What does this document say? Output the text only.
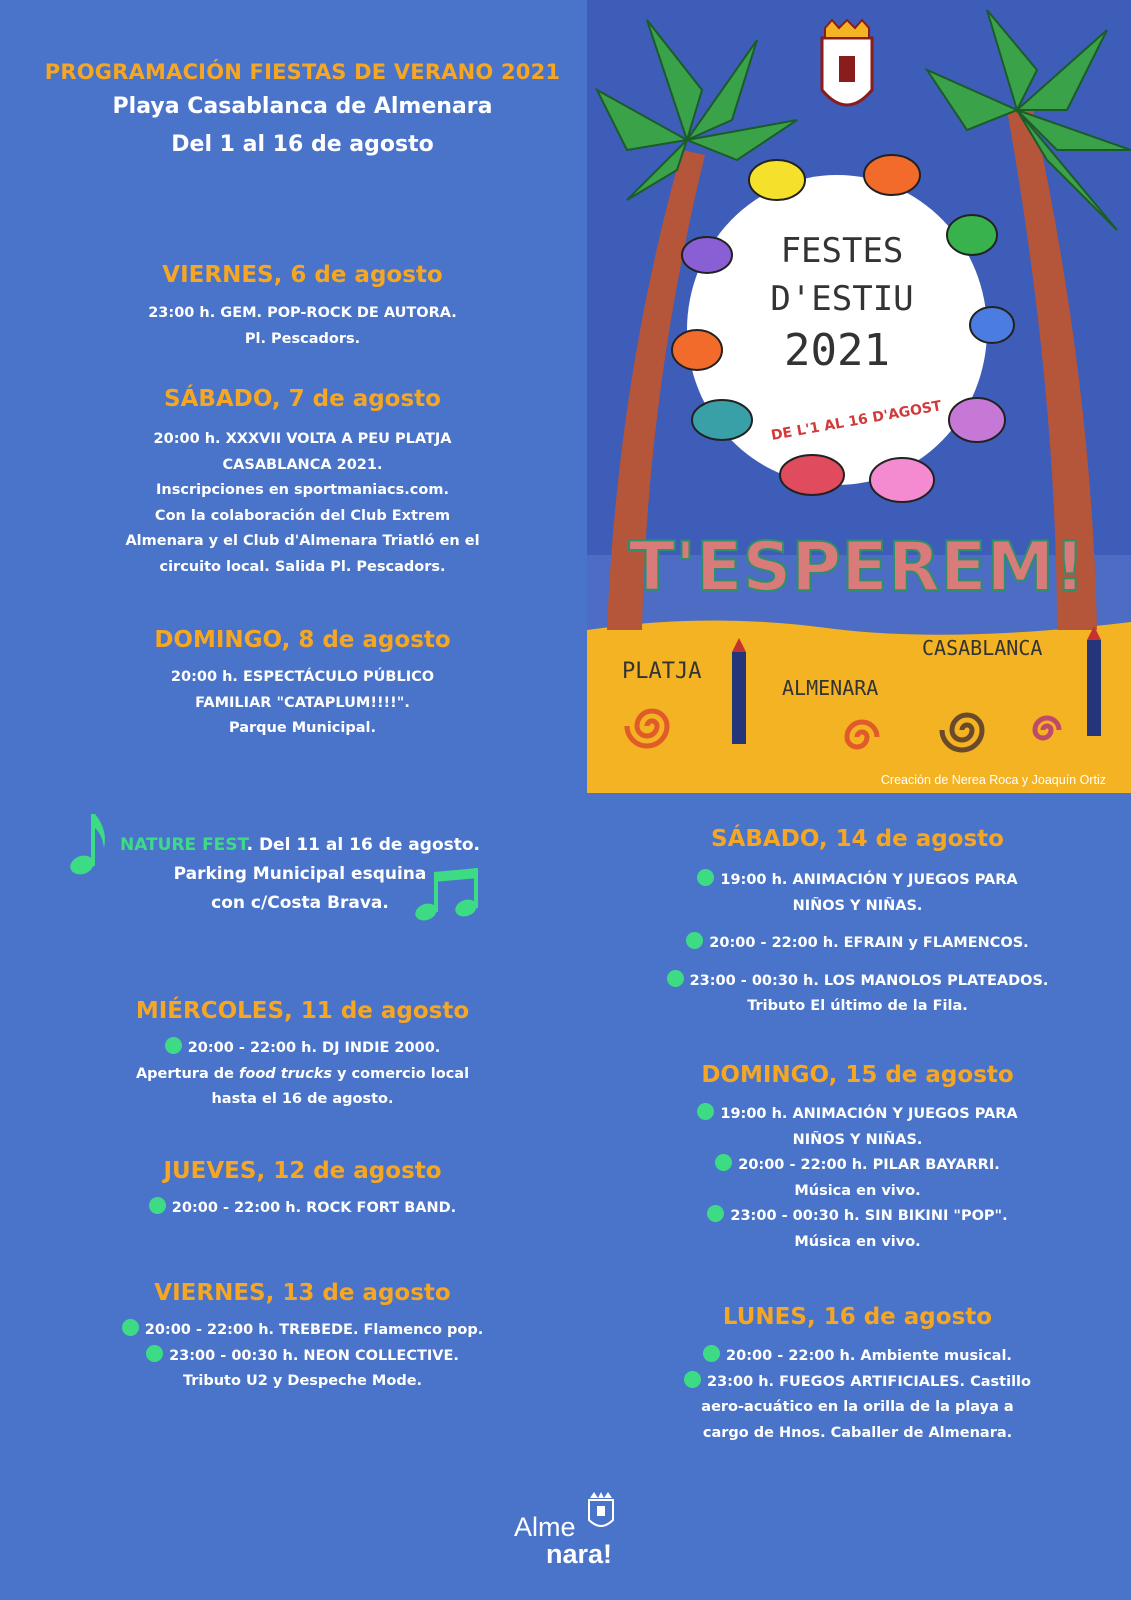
PROGRAMACIÓN FIESTAS DE VERANO 2021
Playa Casablanca de Almenara
Del 1 al 16 de agosto
VIERNES, 6 de agosto
23:00 h. GEM. POP-ROCK DE AUTORA.
Pl. Pescadors.
SÁBADO, 7 de agosto
20:00 h. XXXVII VOLTA A PEU PLATJA
CASABLANCA 2021.
Inscripciones en sportmaniacs.com.
Con la colaboración del Club Extrem
Almenara y el Club d'Almenara Triatló en el
circuito local. Salida Pl. Pescadors.
DOMINGO, 8 de agosto
20:00 h. ESPECTÁCULO PÚBLICO
FAMILIAR "CATAPLUM!!!!".
Parque Municipal.
FESTES
D'ESTIU
2021
DE L'1 AL 16 D'AGOST
T'ESPEREM!
PLATJA
ALMENARA
CASABLANCA
Creación de Nerea Roca y Joaquín Ortiz
NATURE FEST. Del 11 al 16 de agosto.
Parking Municipal esquina
con c/Costa Brava.
MIÉRCOLES, 11 de agosto
20:00 - 22:00 h. DJ INDIE 2000.
Apertura de food trucks y comercio local
hasta el 16 de agosto.
JUEVES, 12 de agosto
20:00 - 22:00 h. ROCK FORT BAND.
VIERNES, 13 de agosto
20:00 - 22:00 h. TREBEDE. Flamenco pop.
23:00 - 00:30 h. NEON COLLECTIVE.
Tributo U2 y Despeche Mode.
SÁBADO, 14 de agosto
19:00 h. ANIMACIÓN Y JUEGOS PARA
NIÑOS Y NIÑAS.
20:00 - 22:00 h. EFRAIN y FLAMENCOS.
23:00 - 00:30 h. LOS MANOLOS PLATEADOS.
Tributo El último de la Fila.
DOMINGO, 15 de agosto
19:00 h. ANIMACIÓN Y JUEGOS PARA
NIÑOS Y NIÑAS.
20:00 - 22:00 h. PILAR BAYARRI.
Música en vivo.
23:00 - 00:30 h. SIN BIKINI "POP".
Música en vivo.
LUNES, 16 de agosto
20:00 - 22:00 h. Ambiente musical.
23:00 h. FUEGOS ARTIFICIALES. Castillo
aero-acuático en la orilla de la playa a
cargo de Hnos. Caballer de Almenara.
Alme
nara!
